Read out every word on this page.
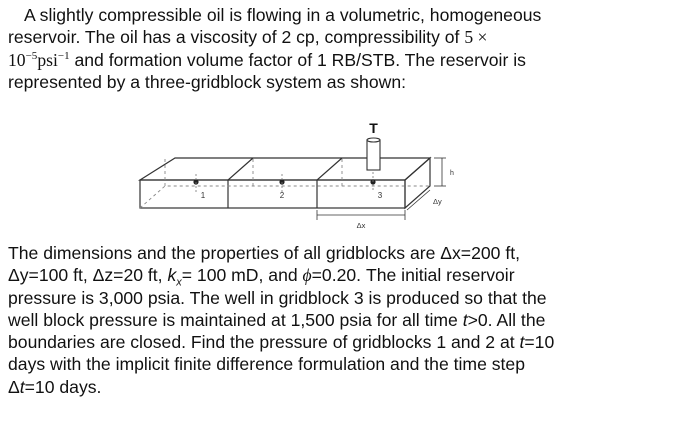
A slightly compressible oil is flowing in a volumetric, homogeneous
reservoir. The oil has a viscosity of 2 cp, compressibility of 5 ×
$10^{-5}psi^{-1}$ and formation volume factor of 1 RB/STB. The reservoir is
represented by a three-gridblock system as shown:
1	2	3
T
h
Δy
Δx
The dimensions and the properties of all gridblocks are Δx=200 ft,
Δy=100 ft, Δz=20 ft, $k_x= 100$ mD, and ϕ=0.20. The initial reservoir
pressure is 3,000 psia. The well in gridblock 3 is produced so that the
well block pressure is maintained at 1,500 psia for all time t>0. All the
boundaries are closed. Find the pressure of gridblocks 1 and 2 at t=10
days with the implicit finite difference formulation and the time step
Δt=10 days.
